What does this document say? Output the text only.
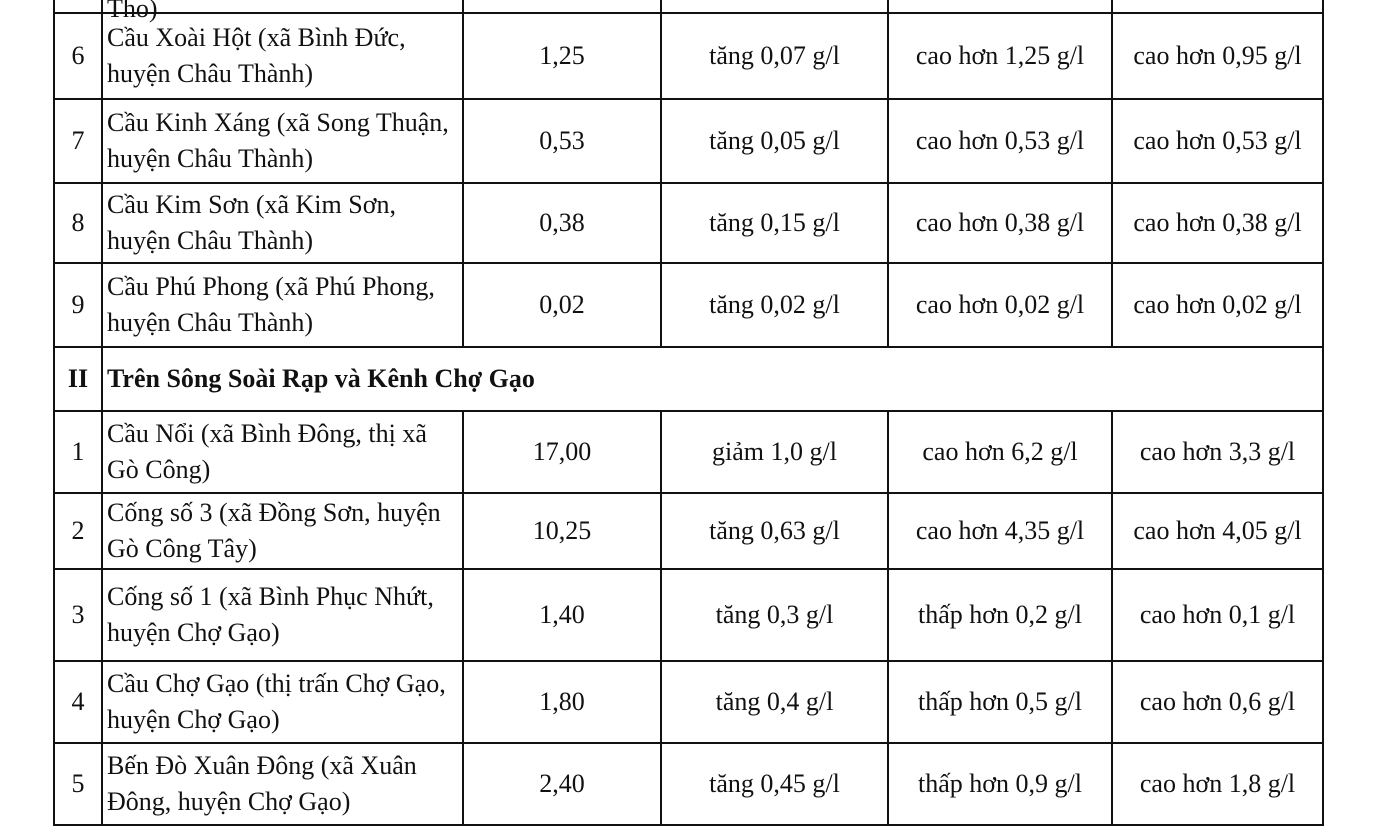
	Tho)				

6	Cầu Xoài Hột (xã Bình Đức, huyện Châu Thành)	1,25	tăng 0,07 g/l	cao hơn 1,25 g/l	cao hơn 0,95 g/l
7	Cầu Kinh Xáng (xã Song Thuận, huyện Châu Thành)	0,53	tăng 0,05 g/l	cao hơn 0,53 g/l	cao hơn 0,53 g/l
8	Cầu Kim Sơn (xã Kim Sơn, huyện Châu Thành)	0,38	tăng 0,15 g/l	cao hơn 0,38 g/l	cao hơn 0,38 g/l
9	Cầu Phú Phong (xã Phú Phong, huyện Châu Thành)	0,02	tăng 0,02 g/l	cao hơn 0,02 g/l	cao hơn 0,02 g/l
II	Trên Sông Soài Rạp và Kênh Chợ Gạo				
1	Cầu Nổi (xã Bình Đông, thị xã Gò Công)	17,00	giảm 1,0 g/l	cao hơn 6,2 g/l	cao hơn 3,3 g/l
2	Cống số 3 (xã Đồng Sơn, huyện Gò Công Tây)	10,25	tăng 0,63 g/l	cao hơn 4,35 g/l	cao hơn 4,05 g/l
3	Cống số 1 (xã Bình Phục Nhứt, huyện Chợ Gạo)	1,40	tăng 0,3 g/l	thấp hơn 0,2 g/l	cao hơn 0,1 g/l
4	Cầu Chợ Gạo (thị trấn Chợ Gạo, huyện Chợ Gạo)	1,80	tăng 0,4 g/l	thấp hơn 0,5 g/l	cao hơn 0,6 g/l
5	Bến Đò Xuân Đông (xã Xuân Đông, huyện Chợ Gạo)	2,40	tăng 0,45 g/l	thấp hơn 0,9 g/l	cao hơn 1,8 g/l
